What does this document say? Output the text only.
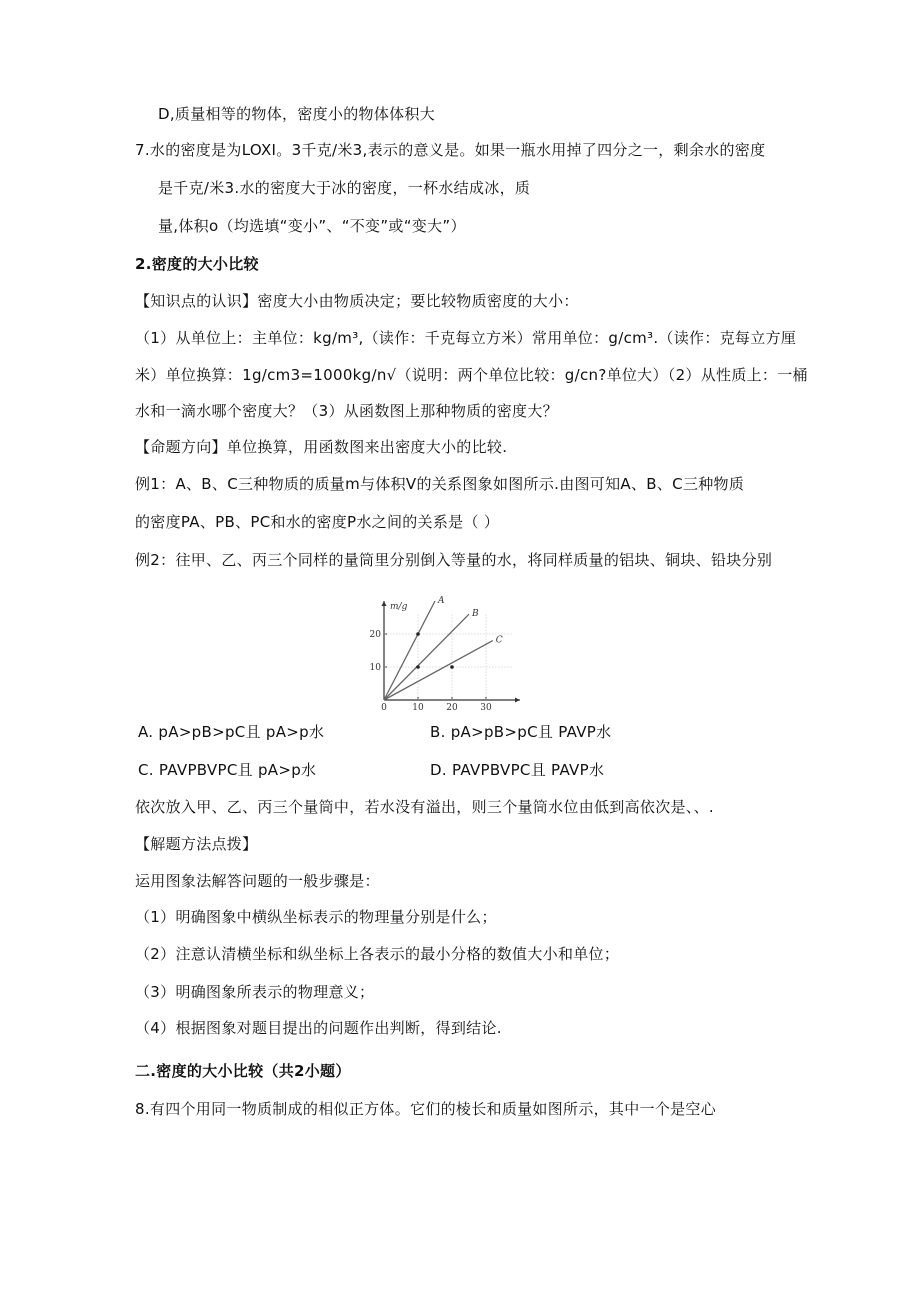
D,质量相等的物体，密度小的物体体积大
7.水的密度是为LOXI。3千克/米3,表示的意义是。如果一瓶水用掉了四分之一，剩余水的密度
是千克/米3.水的密度大于冰的密度，一杯水结成冰，质
量,体积o（均选填“变小”、“不变”或“变大”）
2.密度的大小比较
【知识点的认识】密度大小由物质决定；要比较物质密度的大小：
（1）从单位上：主单位：kg∕m³,（读作：千克每立方米）常用单位：g∕cm³.（读作：克每立方厘
米）单位换算：1g/cm3=1000kg∕n√（说明：两个单位比较：g/cn?单位大）（2）从性质上：一桶
水和一滴水哪个密度大？（3）从函数图上那种物质的密度大？
【命题方向】单位换算，用函数图来出密度大小的比较.
例1：A、B、C三种物质的质量m与体积V的关系图象如图所示.由图可知A、B、C三种物质
的密度PA、PB、PC和水的密度P水之间的关系是（ ）
例2：往甲、乙、丙三个同样的量筒里分别倒入等量的水，将同样质量的铝块、铜块、铅块分别
m/g
0	10	20	30
10
20
A
B
C
A. pA>pB>pC且 pA>p水	B. pA>pB>pC且 PAVP水
C. PAVPBVPC且 pA>p水	D. PAVPBVPC且 PAVP水
依次放入甲、乙、丙三个量筒中，若水没有溢出，则三个量筒水位由低到高依次是、、.
【解题方法点拨】
运用图象法解答问题的一般步骤是：
（1）明确图象中横纵坐标表示的物理量分别是什么；
（2）注意认清横坐标和纵坐标上各表示的最小分格的数值大小和单位；
（3）明确图象所表示的物理意义；
（4）根据图象对题目提出的问题作出判断，得到结论.
二.密度的大小比较（共2小题）
8.有四个用同一物质制成的相似正方体。它们的棱长和质量如图所示，其中一个是空心
